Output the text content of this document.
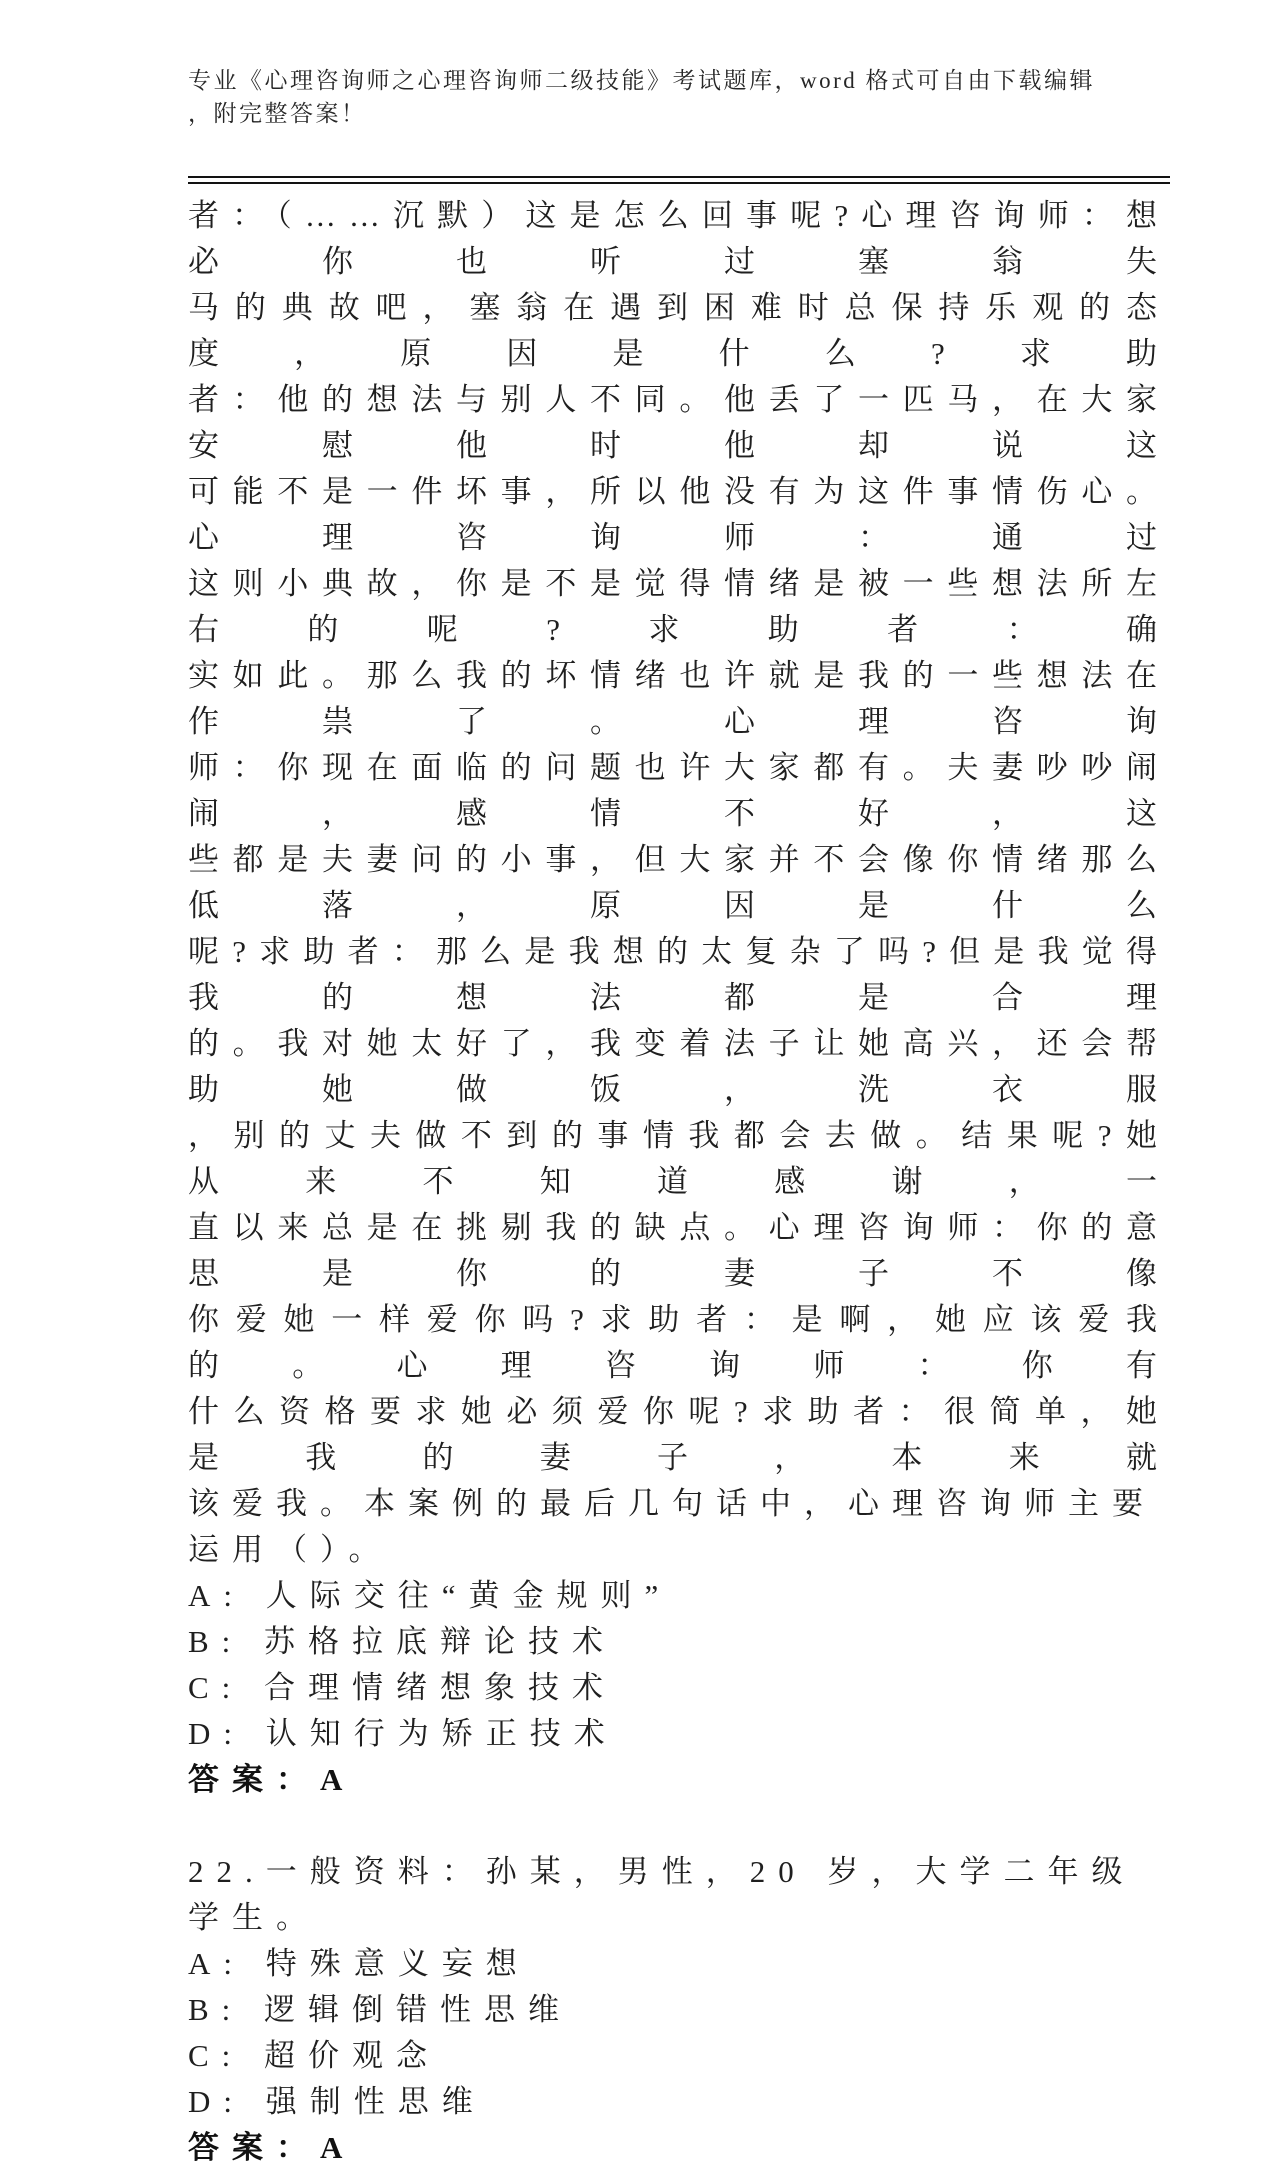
专业《心理咨询师之心理咨询师二级技能》考试题库，word 格式可自由下载编辑
，附完整答案！
者：（……沉默）这是怎么回事呢?心理咨询师：想必你也听过塞翁失
马的典故吧，塞翁在遇到困难时总保持乐观的态度，原因是什么?求助
者：他的想法与别人不同。他丢了一匹马，在大家安慰他时他却说这
可能不是一件坏事，所以他没有为这件事情伤心。心理咨询师：通过
这则小典故，你是不是觉得情绪是被一些想法所左右的呢?求助者：确
实如此。那么我的坏情绪也许就是我的一些想法在作祟了。心理咨询
师：你现在面临的问题也许大家都有。夫妻吵吵闹闹，感情不好，这
些都是夫妻问的小事，但大家并不会像你情绪那么低落，原因是什么
呢?求助者：那么是我想的太复杂了吗?但是我觉得我的想法都是合理
的。我对她太好了，我变着法子让她高兴，还会帮助她做饭，洗衣服
，别的丈夫做不到的事情我都会去做。结果呢?她从来不知道感谢，一
直以来总是在挑剔我的缺点。心理咨询师：你的意思是你的妻子不像
你爱她一样爱你吗?求助者：是啊，她应该爱我的。心理咨询师：你有
什么资格要求她必须爱你呢?求助者：很简单，她是我的妻子，本来就
该爱我。本案例的最后几句话中，心理咨询师主要运用（）。
A: 人际交往“黄金规则”
B: 苏格拉底辩论技术
C: 合理情绪想象技术
D: 认知行为矫正技术
答案：A
22.一般资料：孙某，男性，20 岁，大学二年级学生。
A: 特殊意义妄想
B: 逻辑倒错性思维
C: 超价观念
D: 强制性思维
答案：A
